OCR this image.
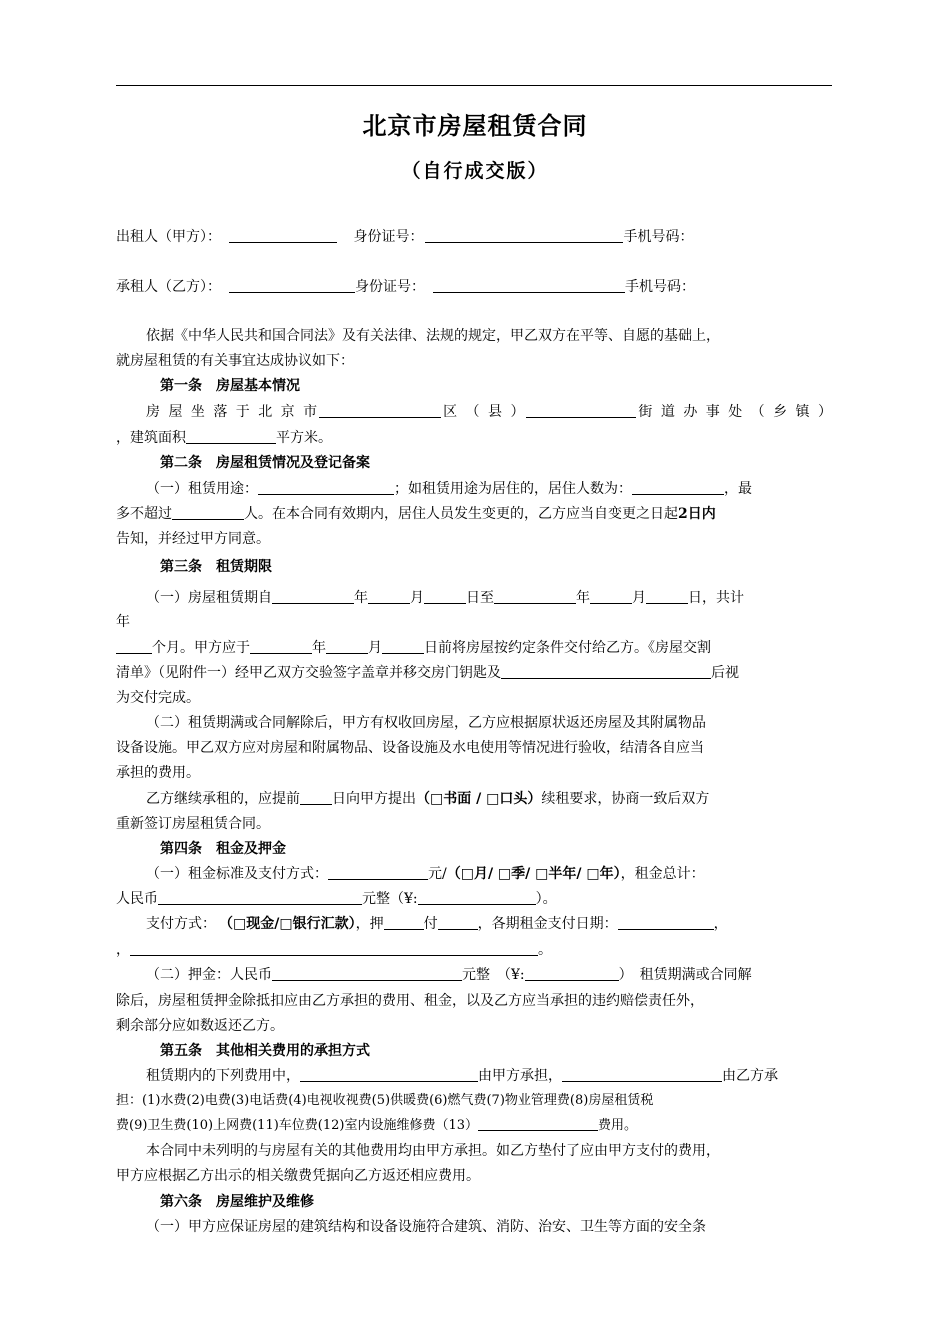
北京市房屋租赁合同
（自行成交版）
出租人（甲方）：	身份证号：	手机号码：
承租人（乙方）：	身份证号：	手机号码：
依据《中华人民共和国合同法》及有关法律、法规的规定，甲乙双方在平等、自愿的基础上，
就房屋租赁的有关事宜达成协议如下：
第一条　房屋基本情况
房 屋 坐 落 于 北 京 市	区 （ 县 ）	街 道 办 事 处 （ 乡 镇 ）
，建筑面积	平方米。
第二条　房屋租赁情况及登记备案
（一）租赁用途：	；如租赁用途为居住的，居住人数为：	，最
多不超过	人。在本合同有效期内，居住人员发生变更的，乙方应当自变更之日起2日内
告知，并经过甲方同意。
第三条　租赁期限
（一）房屋租赁期自	年	月	日至	年	月	日，共计
年
个月。甲方应于	年	月	日前将房屋按约定条件交付给乙方。《房屋交割
清单》（见附件一）经甲乙双方交验签字盖章并移交房门钥匙及	后视
为交付完成。
（二）租赁期满或合同解除后，甲方有权收回房屋，乙方应根据原状返还房屋及其附属物品
设备设施。甲乙双方应对房屋和附属物品、设备设施及水电使用等情况进行验收，结清各自应当
承担的费用。
乙方继续承租的，应提前 日向甲方提出（□书面 / □口头）续租要求，协商一致后双方
重新签订房屋租赁合同。
第四条　租金及押金
（一）租金标准及支付方式：	元/（□月/ □季/ □半年/ □年），租金总计：
人民币	元整（¥:	）。
支付方式： （□现金/□银行汇款），押	付	，各期租金支付日期：	，
，	。
（二）押金：人民币	元整　（¥:	）　租赁期满或合同解
除后，房屋租赁押金除抵扣应由乙方承担的费用、租金，以及乙方应当承担的违约赔偿责任外，
剩余部分应如数返还乙方。
第五条　其他相关费用的承担方式
租赁期内的下列费用中，	由甲方承担，	由乙方承
担：(1)水费(2)电费(3)电话费(4)电视收视费(5)供暖费(6)燃气费(7)物业管理费(8)房屋租赁税
费(9)卫生费(10)上网费(11)车位费(12)室内设施维修费（13）	费用。
本合同中未列明的与房屋有关的其他费用均由甲方承担。如乙方垫付了应由甲方支付的费用，
甲方应根据乙方出示的相关缴费凭据向乙方返还相应费用。
第六条　房屋维护及维修
（一）甲方应保证房屋的建筑结构和设备设施符合建筑、消防、治安、卫生等方面的安全条
